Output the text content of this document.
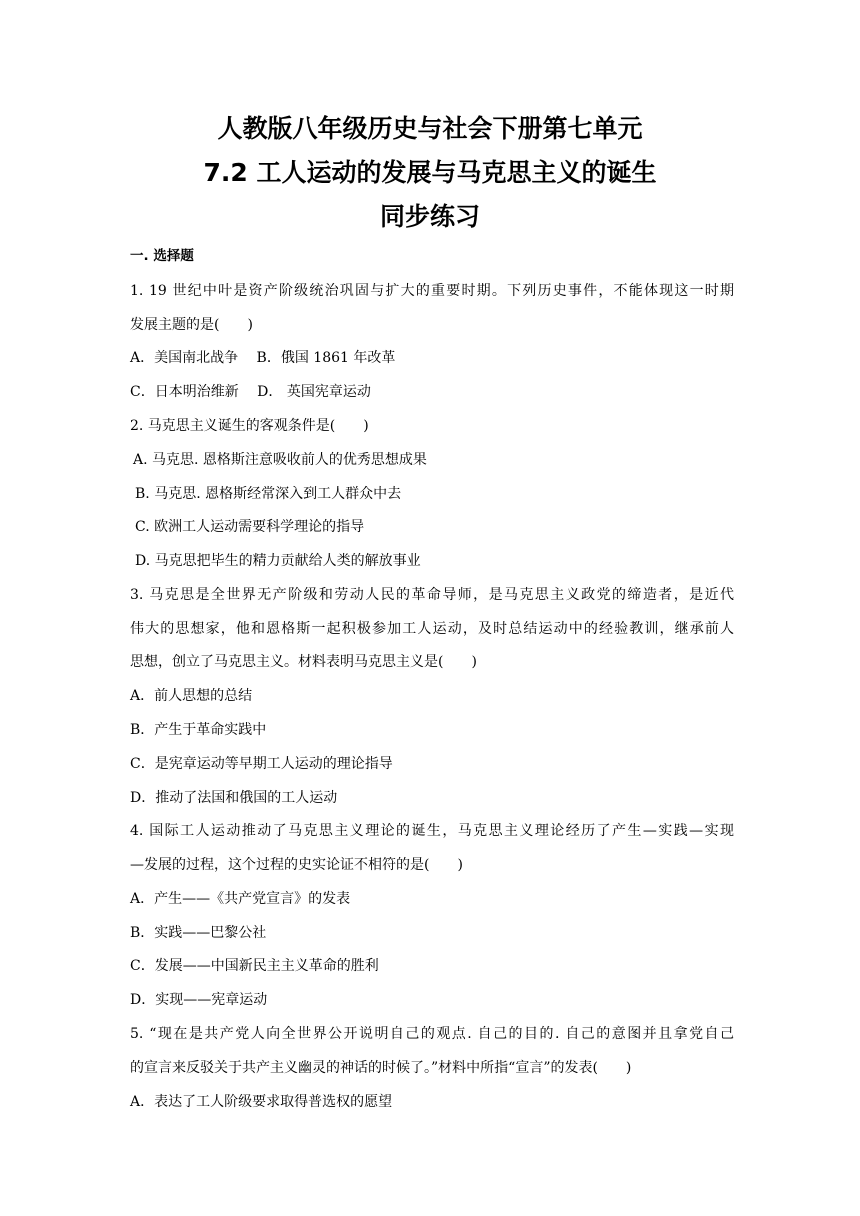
人教版八年级历史与社会下册第七单元
7.2 工人运动的发展与马克思主义的诞生
同步练习
一. 选择题
1. 19 世纪中叶是资产阶级统治巩固与扩大的重要时期。下列历史事件，不能体现这一时期
发展主题的是(　　)
A．美国南北战争　 B．俄国 1861 年改革
C．日本明治维新　 D． 英国宪章运动
2. 马克思主义诞生的客观条件是(　　)
A. 马克思. 恩格斯注意吸收前人的优秀思想成果
B. 马克思. 恩格斯经常深入到工人群众中去
C. 欧洲工人运动需要科学理论的指导
D. 马克思把毕生的精力贡献给人类的解放事业
3. 马克思是全世界无产阶级和劳动人民的革命导师，是马克思主义政党的缔造者，是近代
伟大的思想家，他和恩格斯一起积极参加工人运动，及时总结运动中的经验教训，继承前人
思想，创立了马克思主义。材料表明马克思主义是(　　)
A．前人思想的总结
B．产生于革命实践中
C．是宪章运动等早期工人运动的理论指导
D．推动了法国和俄国的工人运动
4. 国际工人运动推动了马克思主义理论的诞生，马克思主义理论经历了产生—实践—实现
—发展的过程，这个过程的史实论证不相符的是(　　)
A．产生——《共产党宣言》的发表
B．实践——巴黎公社
C．发展——中国新民主主义革命的胜利
D．实现——宪章运动
5. “现在是共产党人向全世界公开说明自己的观点. 自己的目的. 自己的意图并且拿党自己
的宣言来反驳关于共产主义幽灵的神话的时候了。”材料中所指“宣言”的发表(　　)
A．表达了工人阶级要求取得普选权的愿望
